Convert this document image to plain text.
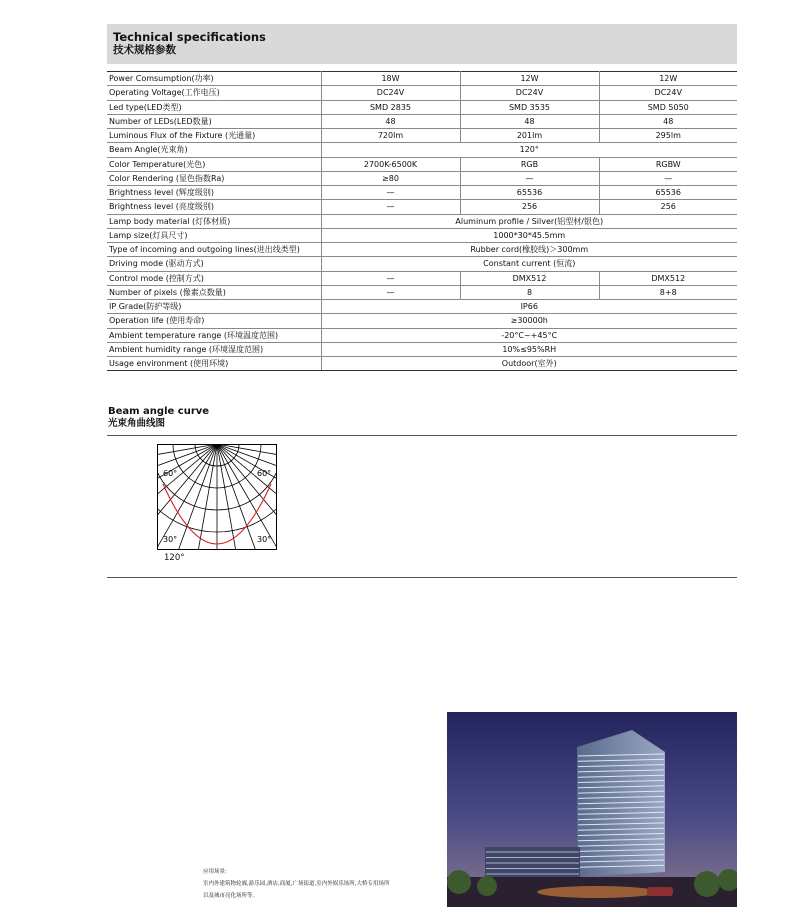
Technical specifications
技术规格参数
Power Comsumption(功率)	18W	12W	12W
Operating Voltage(工作电压)	DC24V	DC24V	DC24V
Led type(LED类型)	SMD 2835	SMD 3535	SMD 5050
Number of LEDs(LED数量)	48	48	48
Luminous Flux of the Fixture (光通量)	720lm	201lm	295lm
Beam Angle(光束角)	120°		
Color Temperature(光色)	2700K-6500K	RGB	RGBW
Color Rendering (显色指数Ra)	≥80	—	—
Brightness level (辉度级别)	—	65536	65536
Brightness level (亮度级别)	—	256	256
Lamp body material (灯体材质)	Aluminum profile / Silver(铝型材/银色)		
Lamp size(灯具尺寸)	1000*30*45.5mm		
Type of incoming and outgoing lines(进出线类型)	Rubber cord(橡胶线)＞300mm		
Driving mode (驱动方式)	Constant current (恒流)		
Control mode (控制方式)	—	DMX512	DMX512
Number of pixels (像素点数量)	—	8	8+8
IP Grade(防护等级)	IP66		
Operation life (使用寿命)	≥30000h		
Ambient temperature range (环境温度范围)	-20°C~+45°C		
Ambient humidity range (环境湿度范围)	10%≤95%RH		
Usage environment (使用环境)	Outdoor(室外)		
Beam angle curve
光束角曲线图
60°	60°
30°	30°
120°
应用场景:
室内外建筑物轮廓,游乐园,酒店,商厦,广场街道,室内外娱乐场所,大桥专用场所
以及城市亮化场所等。
